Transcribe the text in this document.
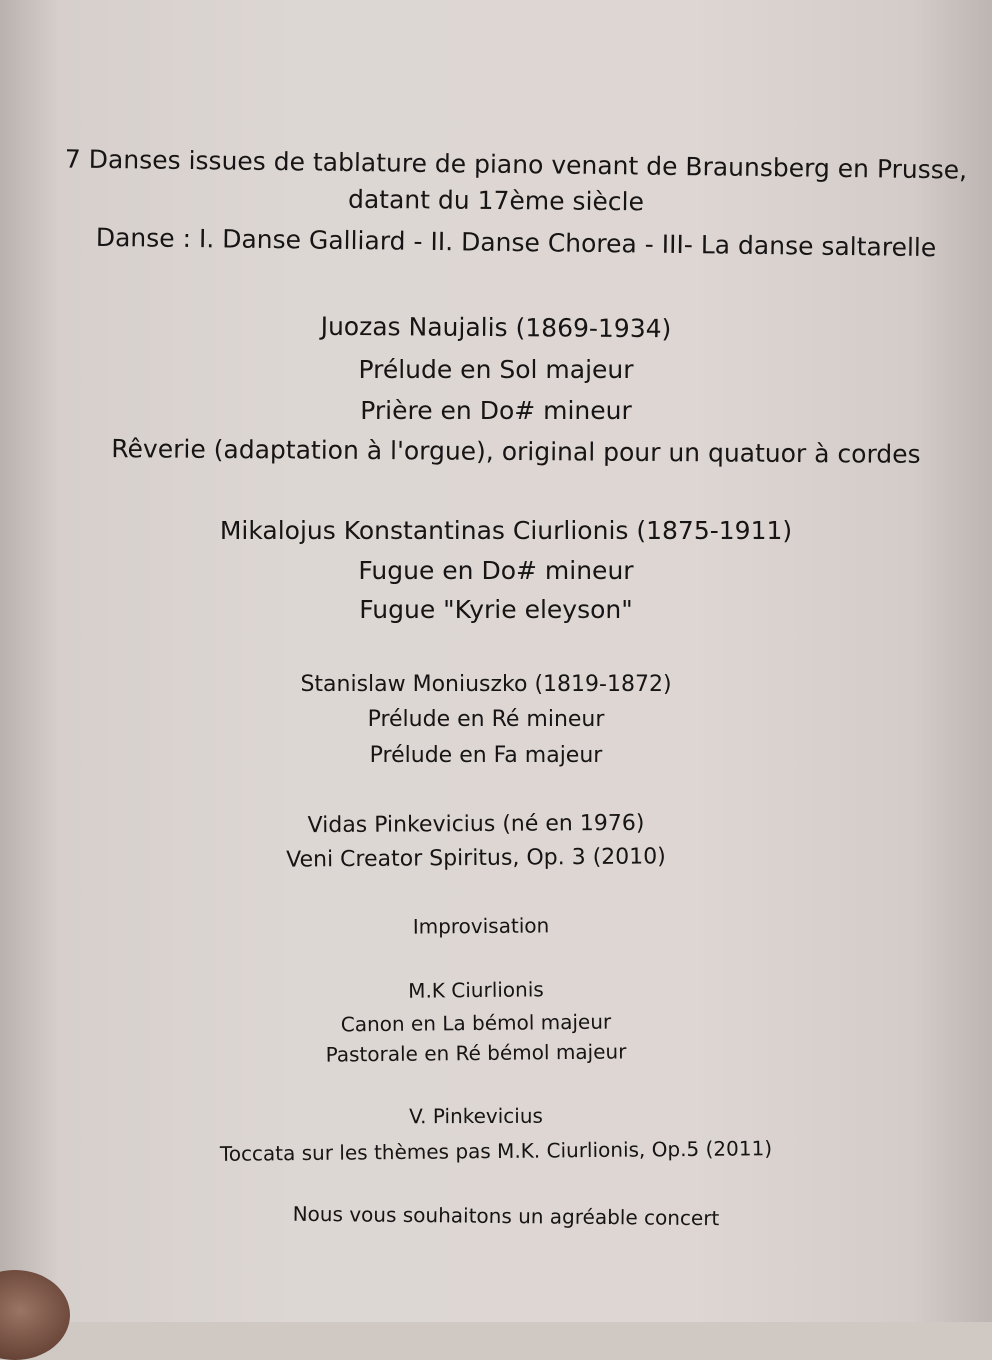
7 Danses issues de tablature de piano venant de Braunsberg en Prusse,
datant du 17ème siècle
Danse : I. Danse Galliard - II. Danse Chorea - III- La danse saltarelle
Juozas Naujalis (1869-1934)
Prélude en Sol majeur
Prière en Do# mineur
Rêverie (adaptation à l'orgue), original pour un quatuor à cordes
Mikalojus Konstantinas Ciurlionis (1875-1911)
Fugue en Do# mineur
Fugue "Kyrie eleyson"
Stanislaw Moniuszko (1819-1872)
Prélude en Ré mineur
Prélude en Fa majeur
Vidas Pinkevicius (né en 1976)
Veni Creator Spiritus, Op. 3 (2010)
Improvisation
M.K Ciurlionis
Canon en La bémol majeur
Pastorale en Ré bémol majeur
V. Pinkevicius
Toccata sur les thèmes pas M.K. Ciurlionis, Op.5 (2011)
Nous vous souhaitons un agréable concert
